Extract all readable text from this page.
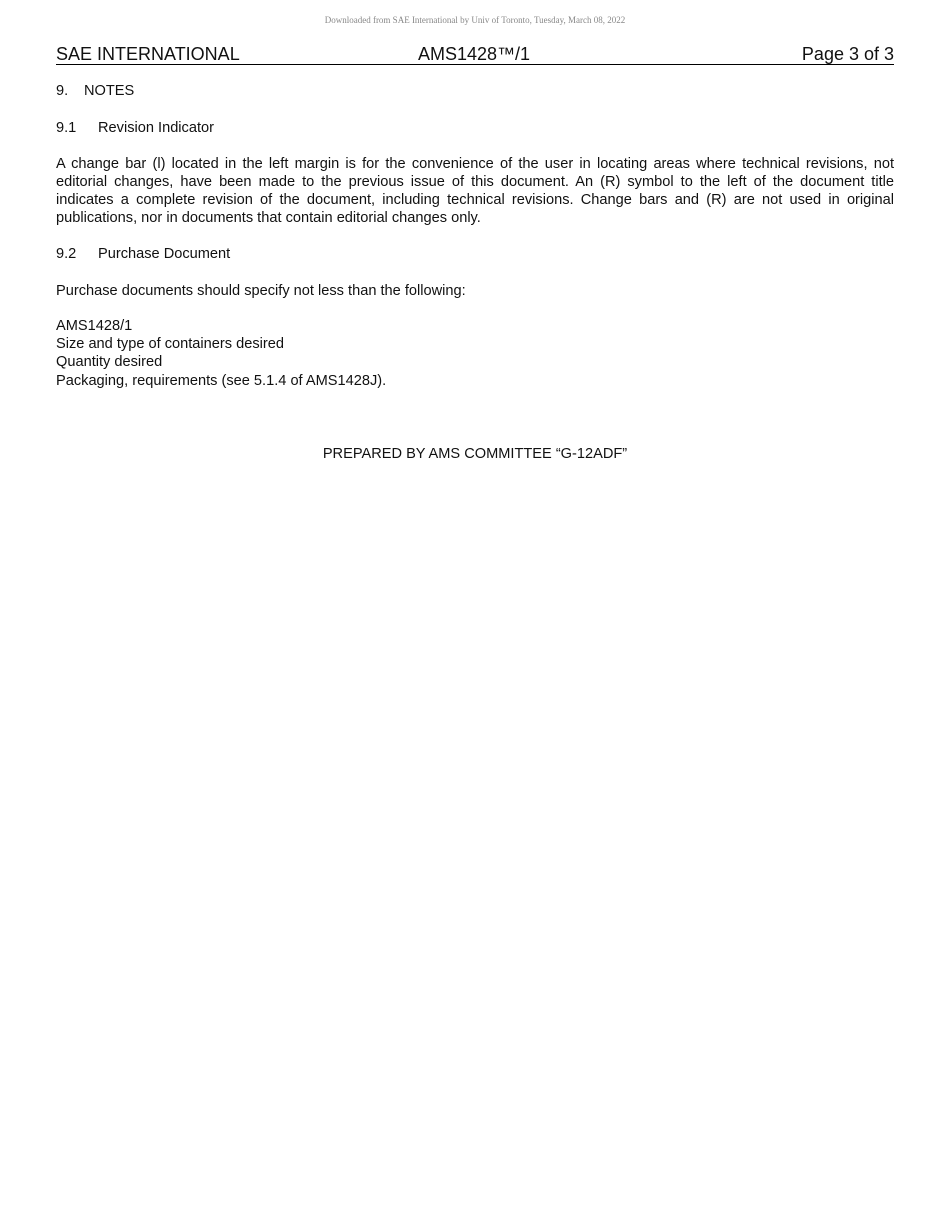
Downloaded from SAE International by Univ of Toronto, Tuesday, March 08, 2022
SAE INTERNATIONAL	AMS1428™/1	Page 3 of 3
9. NOTES
9.1 Revision Indicator
A change bar (l) located in the left margin is for the convenience of the user in locating areas where technical revisions, not
editorial changes, have been made to the previous issue of this document. An (R) symbol to the left of the document title
indicates a complete revision of the document, including technical revisions. Change bars and (R) are not used in original
publications, nor in documents that contain editorial changes only.
9.2 Purchase Document
Purchase documents should specify not less than the following:
AMS1428/1
Size and type of containers desired
Quantity desired
Packaging, requirements (see 5.1.4 of AMS1428J).
PREPARED BY AMS COMMITTEE “G-12ADF”
